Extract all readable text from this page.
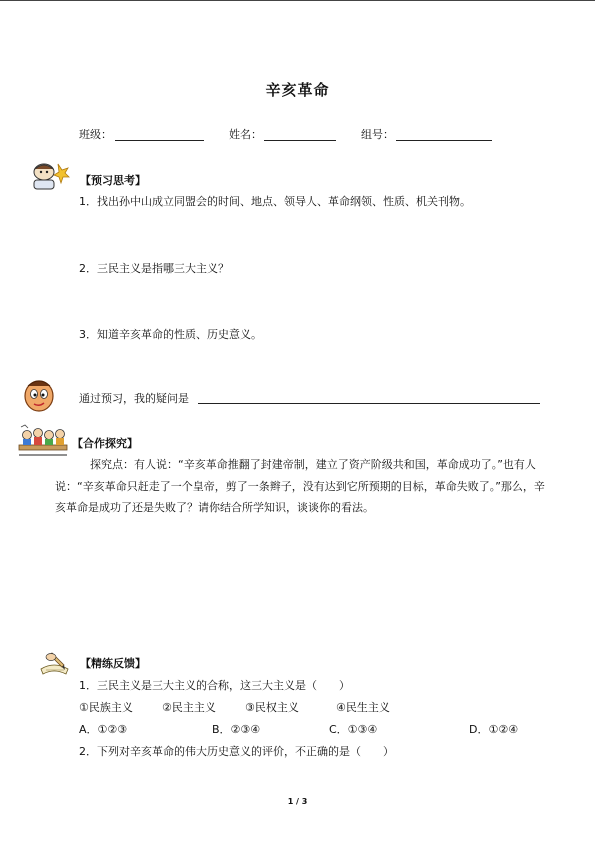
辛亥革命
班级：	姓名：	组号：
【预习思考】
1．找出孙中山成立同盟会的时间、地点、领导人、革命纲领、性质、机关刊物。
2．三民主义是指哪三大主义？
3．知道辛亥革命的性质、历史意义。
通过预习，我的疑问是
【合作探究】
探究点：有人说：“辛亥革命推翻了封建帝制，建立了资产阶级共和国，革命成功了。”也有人说：“辛亥革命只赶走了一个皇帝，剪了一条辫子，没有达到它所预期的目标，革命失败了。”那么，辛亥革命是成功了还是失败了？请你结合所学知识，谈谈你的看法。
【精练反馈】
1．三民主义是三大主义的合称，这三大主义是（　　）
①民族主义	②民主主义	③民权主义	④民生主义
A．①②③	B．②③④	C．①③④	D．①②④
2．下列对辛亥革命的伟大历史意义的评价，不正确的是（　　）
1 / 3
